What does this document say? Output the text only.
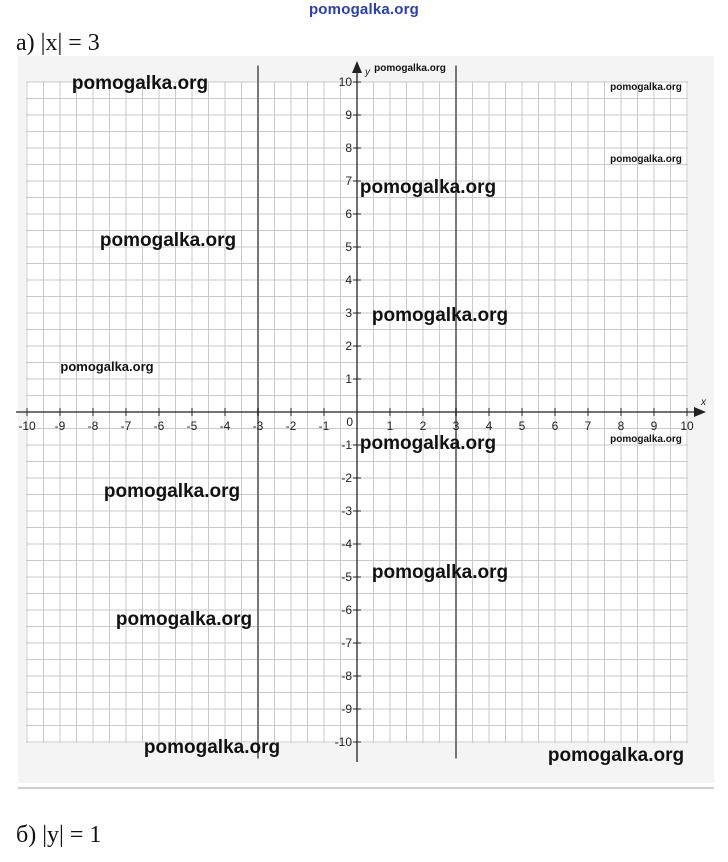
pomogalka.org
а) |x| = 3
x
y
-10 -9 -8 -7 -6 -5 -4 -3 -2 -1	1 2 3 4 5 6 7 8 9 10
10
9
8
7
6
5
4
3
2
1
-1
-2
-3
-4
-5
-6
-7
-8
-9
-10
0
pomogalka.org
pomogalka.org
pomogalka.org
pomogalka.org
pomogalka.org
pomogalka.org
pomogalka.org
pomogalka.org
pomogalka.org	pomogalka.org
pomogalka.org
pomogalka.org
pomogalka.org
pomogalka.org	pomogalka.org
б) |y| = 1
